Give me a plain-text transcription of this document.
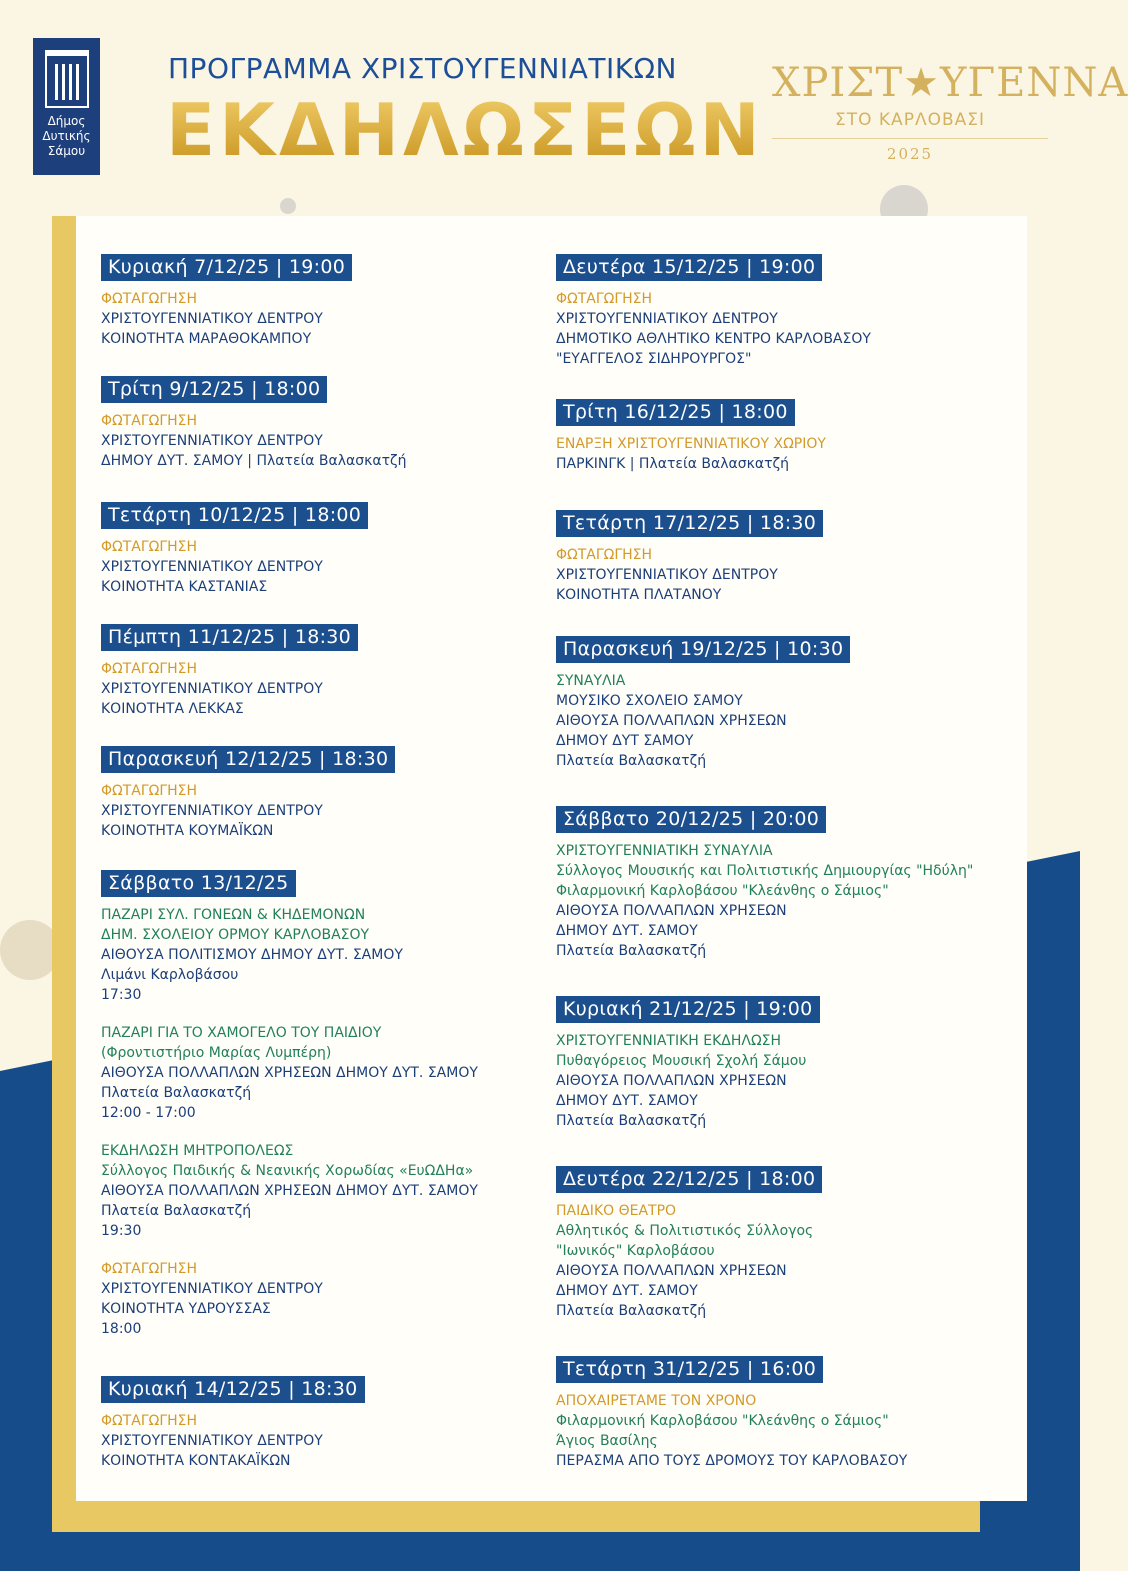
Δήμος
Δυτικής
Σάμου
ΠΡΟΓΡΑΜΜΑ ΧΡΙΣΤΟΥΓΕΝΝΙΑΤΙΚΩΝ
ΕΚΔΗΛΩΣΕΩΝ
ΧΡΙΣΤ★ΥΓΕΝΝΑ
ΣΤΟ ΚΑΡΛΟΒΑΣΙ
2025
Κυριακή 7/12/25 | 19:00
ΦΩΤΑΓΩΓΗΣΗ
ΧΡΙΣΤΟΥΓΕΝΝΙΑΤΙΚΟΥ ΔΕΝΤΡΟΥ
ΚΟΙΝΟΤΗΤΑ ΜΑΡΑΘΟΚΑΜΠΟΥ
Τρίτη 9/12/25 | 18:00
ΦΩΤΑΓΩΓΗΣΗ
ΧΡΙΣΤΟΥΓΕΝΝΙΑΤΙΚΟΥ ΔΕΝΤΡΟΥ
ΔΗΜΟΥ ΔΥΤ. ΣΑΜΟΥ | Πλατεία Βαλασκατζή
Τετάρτη 10/12/25 | 18:00
ΦΩΤΑΓΩΓΗΣΗ
ΧΡΙΣΤΟΥΓΕΝΝΙΑΤΙΚΟΥ ΔΕΝΤΡΟΥ
ΚΟΙΝΟΤΗΤΑ ΚΑΣΤΑΝΙΑΣ
Πέμπτη 11/12/25 | 18:30
ΦΩΤΑΓΩΓΗΣΗ
ΧΡΙΣΤΟΥΓΕΝΝΙΑΤΙΚΟΥ ΔΕΝΤΡΟΥ
ΚΟΙΝΟΤΗΤΑ ΛΕΚΚΑΣ
Παρασκευή 12/12/25 | 18:30
ΦΩΤΑΓΩΓΗΣΗ
ΧΡΙΣΤΟΥΓΕΝΝΙΑΤΙΚΟΥ ΔΕΝΤΡΟΥ
ΚΟΙΝΟΤΗΤΑ ΚΟΥΜΑΪΚΩΝ
Σάββατο 13/12/25
ΠΑΖΑΡΙ ΣΥΛ. ΓΟΝΕΩΝ & ΚΗΔΕΜΟΝΩΝ
ΔΗΜ. ΣΧΟΛΕΙΟΥ ΟΡΜΟΥ ΚΑΡΛΟΒΑΣΟΥ
ΑΙΘΟΥΣΑ ΠΟΛΙΤΙΣΜΟΥ ΔΗΜΟΥ ΔΥΤ. ΣΑΜΟΥ
Λιμάνι Καρλοβάσου
17:30
ΠΑΖΑΡΙ ΓΙΑ ΤΟ ΧΑΜΟΓΕΛΟ ΤΟΥ ΠΑΙΔΙΟΥ
(Φροντιστήριο Μαρίας Λυμπέρη)
ΑΙΘΟΥΣΑ ΠΟΛΛΑΠΛΩΝ ΧΡΗΣΕΩΝ ΔΗΜΟΥ ΔΥΤ. ΣΑΜΟΥ
Πλατεία Βαλασκατζή
12:00 - 17:00
ΕΚΔΗΛΩΣΗ ΜΗΤΡΟΠΟΛΕΩΣ
Σύλλογος Παιδικής & Νεανικής Χορωδίας «ΕυΩΔΗα»
ΑΙΘΟΥΣΑ ΠΟΛΛΑΠΛΩΝ ΧΡΗΣΕΩΝ ΔΗΜΟΥ ΔΥΤ. ΣΑΜΟΥ
Πλατεία Βαλασκατζή
19:30
ΦΩΤΑΓΩΓΗΣΗ
ΧΡΙΣΤΟΥΓΕΝΝΙΑΤΙΚΟΥ ΔΕΝΤΡΟΥ
ΚΟΙΝΟΤΗΤΑ ΥΔΡΟΥΣΣΑΣ
18:00
Κυριακή 14/12/25 | 18:30
ΦΩΤΑΓΩΓΗΣΗ
ΧΡΙΣΤΟΥΓΕΝΝΙΑΤΙΚΟΥ ΔΕΝΤΡΟΥ
ΚΟΙΝΟΤΗΤΑ ΚΟΝΤΑΚΑΪΚΩΝ
Δευτέρα 15/12/25 | 19:00
ΦΩΤΑΓΩΓΗΣΗ
ΧΡΙΣΤΟΥΓΕΝΝΙΑΤΙΚΟΥ ΔΕΝΤΡΟΥ
ΔΗΜΟΤΙΚΟ ΑΘΛΗΤΙΚΟ ΚΕΝΤΡΟ ΚΑΡΛΟΒΑΣΟΥ
"ΕΥΑΓΓΕΛΟΣ ΣΙΔΗΡΟΥΡΓΟΣ"
Τρίτη 16/12/25 | 18:00
ΕΝΑΡΞΗ ΧΡΙΣΤΟΥΓΕΝΝΙΑΤΙΚΟΥ ΧΩΡΙΟΥ
ΠΑΡΚΙΝΓΚ | Πλατεία Βαλασκατζή
Τετάρτη 17/12/25 | 18:30
ΦΩΤΑΓΩΓΗΣΗ
ΧΡΙΣΤΟΥΓΕΝΝΙΑΤΙΚΟΥ ΔΕΝΤΡΟΥ
ΚΟΙΝΟΤΗΤΑ ΠΛΑΤΑΝΟΥ
Παρασκευή 19/12/25 | 10:30
ΣΥΝΑΥΛΙΑ
ΜΟΥΣΙΚΟ ΣΧΟΛΕΙΟ ΣΑΜΟΥ
ΑΙΘΟΥΣΑ ΠΟΛΛΑΠΛΩΝ ΧΡΗΣΕΩΝ
ΔΗΜΟΥ ΔΥΤ ΣΑΜΟΥ
Πλατεία Βαλασκατζή
Σάββατο 20/12/25 | 20:00
ΧΡΙΣΤΟΥΓΕΝΝΙΑΤΙΚΗ ΣΥΝΑΥΛΙΑ
Σύλλογος Μουσικής και Πολιτιστικής Δημιουργίας "Ηδύλη"
Φιλαρμονική Καρλοβάσου "Κλεάνθης ο Σάμιος"
ΑΙΘΟΥΣΑ ΠΟΛΛΑΠΛΩΝ ΧΡΗΣΕΩΝ
ΔΗΜΟΥ ΔΥΤ. ΣΑΜΟΥ
Πλατεία Βαλασκατζή
Κυριακή 21/12/25 | 19:00
ΧΡΙΣΤΟΥΓΕΝΝΙΑΤΙΚΗ ΕΚΔΗΛΩΣΗ
Πυθαγόρειος Μουσική Σχολή Σάμου
ΑΙΘΟΥΣΑ ΠΟΛΛΑΠΛΩΝ ΧΡΗΣΕΩΝ
ΔΗΜΟΥ ΔΥΤ. ΣΑΜΟΥ
Πλατεία Βαλασκατζή
Δευτέρα 22/12/25 | 18:00
ΠΑΙΔΙΚΟ ΘΕΑΤΡΟ
Αθλητικός & Πολιτιστικός Σύλλογος
"Ιωνικός" Καρλοβάσου
ΑΙΘΟΥΣΑ ΠΟΛΛΑΠΛΩΝ ΧΡΗΣΕΩΝ
ΔΗΜΟΥ ΔΥΤ. ΣΑΜΟΥ
Πλατεία Βαλασκατζή
Τετάρτη 31/12/25 | 16:00
ΑΠΟΧΑΙΡΕΤΑΜΕ ΤΟΝ ΧΡΟΝΟ
Φιλαρμονική Καρλοβάσου "Κλεάνθης ο Σάμιος"
Άγιος Βασίλης
ΠΕΡΑΣΜΑ ΑΠΟ ΤΟΥΣ ΔΡΟΜΟΥΣ ΤΟΥ ΚΑΡΛΟΒΑΣΟΥ
